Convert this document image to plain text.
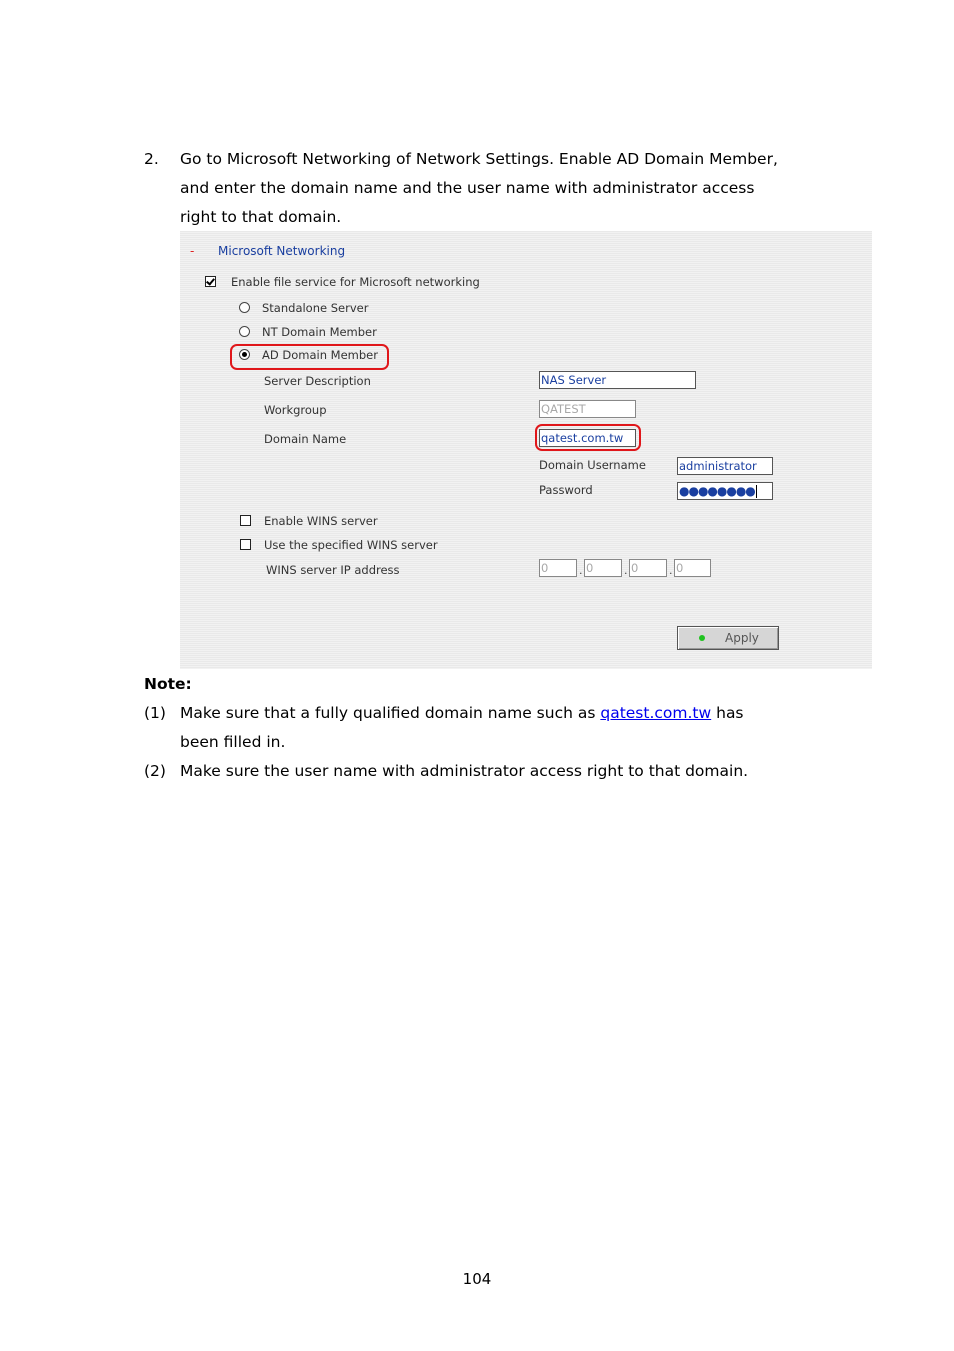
2. Go to Microsoft Networking of Network Settings. Enable AD Domain Member,
and enter the domain name and the user name with administrator access
right to that domain.
- Microsoft Networking
Enable file service for Microsoft networking
Standalone Server
NT Domain Member
AD Domain Member
Server Description	NAS Server
Workgroup	QATEST
Domain Name	qatest.com.tw
Domain Username	administrator
Password	●●●●●●●●
Enable WINS server
Use the specified WINS server
WINS server IP address	0	. 0	. 0	. 0
Apply
Note:
(1) Make sure that a fully qualified domain name such as qatest.com.tw has
been filled in.
(2) Make sure the user name with administrator access right to that domain.
104
